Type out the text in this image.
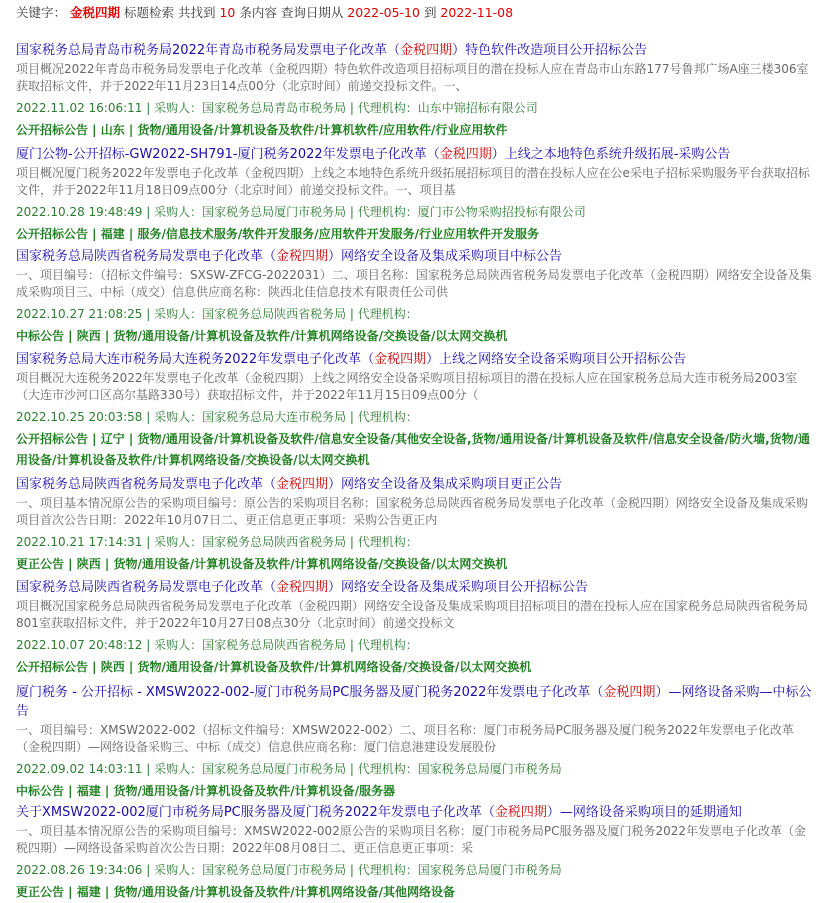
关键字： 金税四期 标题检索 共找到 10 条内容 查询日期从 2022-05-10 到 2022-11-08
国家税务总局青岛市税务局2022年青岛市税务局发票电子化改革（金税四期）特色软件改造项目公开招标公告
项目概况2022年青岛市税务局发票电子化改革（金税四期）特色软件改造项目招标项目的潜在投标人应在青岛市山东路177号鲁邦广场A座三楼306室获取招标文件，并于2022年11月23日14点00分（北京时间）前递交投标文件。一、
2022.11.02 16:06:11 | 采购人：国家税务总局青岛市税务局 | 代理机构：山东中锦招标有限公司
公开招标公告 | 山东 | 货物/通用设备/计算机设备及软件/计算机软件/应用软件/行业应用软件
厦门公物-公开招标-GW2022-SH791-厦门税务2022年发票电子化改革（金税四期）上线之本地特色系统升级拓展-采购公告
项目概况厦门税务2022年发票电子化改革（金税四期）上线之本地特色系统升级拓展招标项目的潜在投标人应在公e采电子招标采购服务平台获取招标文件，并于2022年11月18日09点00分（北京时间）前递交投标文件。一、项目基
2022.10.28 19:48:49 | 采购人：国家税务总局厦门市税务局 | 代理机构：厦门市公物采购招投标有限公司
公开招标公告 | 福建 | 服务/信息技术服务/软件开发服务/应用软件开发服务/行业应用软件开发服务
国家税务总局陕西省税务局发票电子化改革（金税四期）网络安全设备及集成采购项目中标公告
一、项目编号：（招标文件编号：SXSW-ZFCG-2022031）二、项目名称：国家税务总局陕西省税务局发票电子化改革（金税四期）网络安全设备及集成采购项目三、中标（成交）信息供应商名称：陕西北佳信息技术有限责任公司供
2022.10.27 21:08:25 | 采购人：国家税务总局陕西省税务局 | 代理机构：
中标公告 | 陕西 | 货物/通用设备/计算机设备及软件/计算机网络设备/交换设备/以太网交换机
国家税务总局大连市税务局大连税务2022年发票电子化改革（金税四期）上线之网络安全设备采购项目公开招标公告
项目概况大连税务2022年发票电子化改革（金税四期）上线之网络安全设备采购项目招标项目的潜在投标人应在国家税务总局大连市税务局2003室（大连市沙河口区高尔基路330号）获取招标文件，并于2022年11月15日09点00分（
2022.10.25 20:03:58 | 采购人：国家税务总局大连市税务局 | 代理机构：
公开招标公告 | 辽宁 | 货物/通用设备/计算机设备及软件/信息安全设备/其他安全设备,货物/通用设备/计算机设备及软件/信息安全设备/防火墙,货物/通用设备/计算机设备及软件/计算机网络设备/交换设备/以太网交换机
国家税务总局陕西省税务局发票电子化改革（金税四期）网络安全设备及集成采购项目更正公告
一、项目基本情况原公告的采购项目编号：原公告的采购项目名称：国家税务总局陕西省税务局发票电子化改革（金税四期）网络安全设备及集成采购项目首次公告日期：2022年10月07日二、更正信息更正事项：采购公告更正内
2022.10.21 17:14:31 | 采购人：国家税务总局陕西省税务局 | 代理机构：
更正公告 | 陕西 | 货物/通用设备/计算机设备及软件/计算机网络设备/交换设备/以太网交换机
国家税务总局陕西省税务局发票电子化改革（金税四期）网络安全设备及集成采购项目公开招标公告
项目概况国家税务总局陕西省税务局发票电子化改革（金税四期）网络安全设备及集成采购项目招标项目的潜在投标人应在国家税务总局陕西省税务局801室获取招标文件，并于2022年10月27日08点30分（北京时间）前递交投标文
2022.10.07 20:48:12 | 采购人：国家税务总局陕西省税务局 | 代理机构：
公开招标公告 | 陕西 | 货物/通用设备/计算机设备及软件/计算机网络设备/交换设备/以太网交换机
厦门税务 - 公开招标 - XMSW2022-002-厦门市税务局PC服务器及厦门税务2022年发票电子化改革（金税四期）—网络设备采购—中标公告
一、项目编号：XMSW2022-002（招标文件编号：XMSW2022-002）二、项目名称：厦门市税务局PC服务器及厦门税务2022年发票电子化改革（金税四期）—网络设备采购三、中标（成交）信息供应商名称：厦门信息港建设发展股份
2022.09.02 14:03:11 | 采购人：国家税务总局厦门市税务局 | 代理机构：国家税务总局厦门市税务局
中标公告 | 福建 | 货物/通用设备/计算机设备及软件/计算机设备/服务器
关于XMSW2022-002厦门市税务局PC服务器及厦门税务2022年发票电子化改革（金税四期）—网络设备采购项目的延期通知
一、项目基本情况原公告的采购项目编号：XMSW2022-002原公告的采购项目名称：厦门市税务局PC服务器及厦门税务2022年发票电子化改革（金税四期）—网络设备采购首次公告日期：2022年08月08日二、更正信息更正事项：采
2022.08.26 19:34:06 | 采购人：国家税务总局厦门市税务局 | 代理机构：国家税务总局厦门市税务局
更正公告 | 福建 | 货物/通用设备/计算机设备及软件/计算机网络设备/其他网络设备
